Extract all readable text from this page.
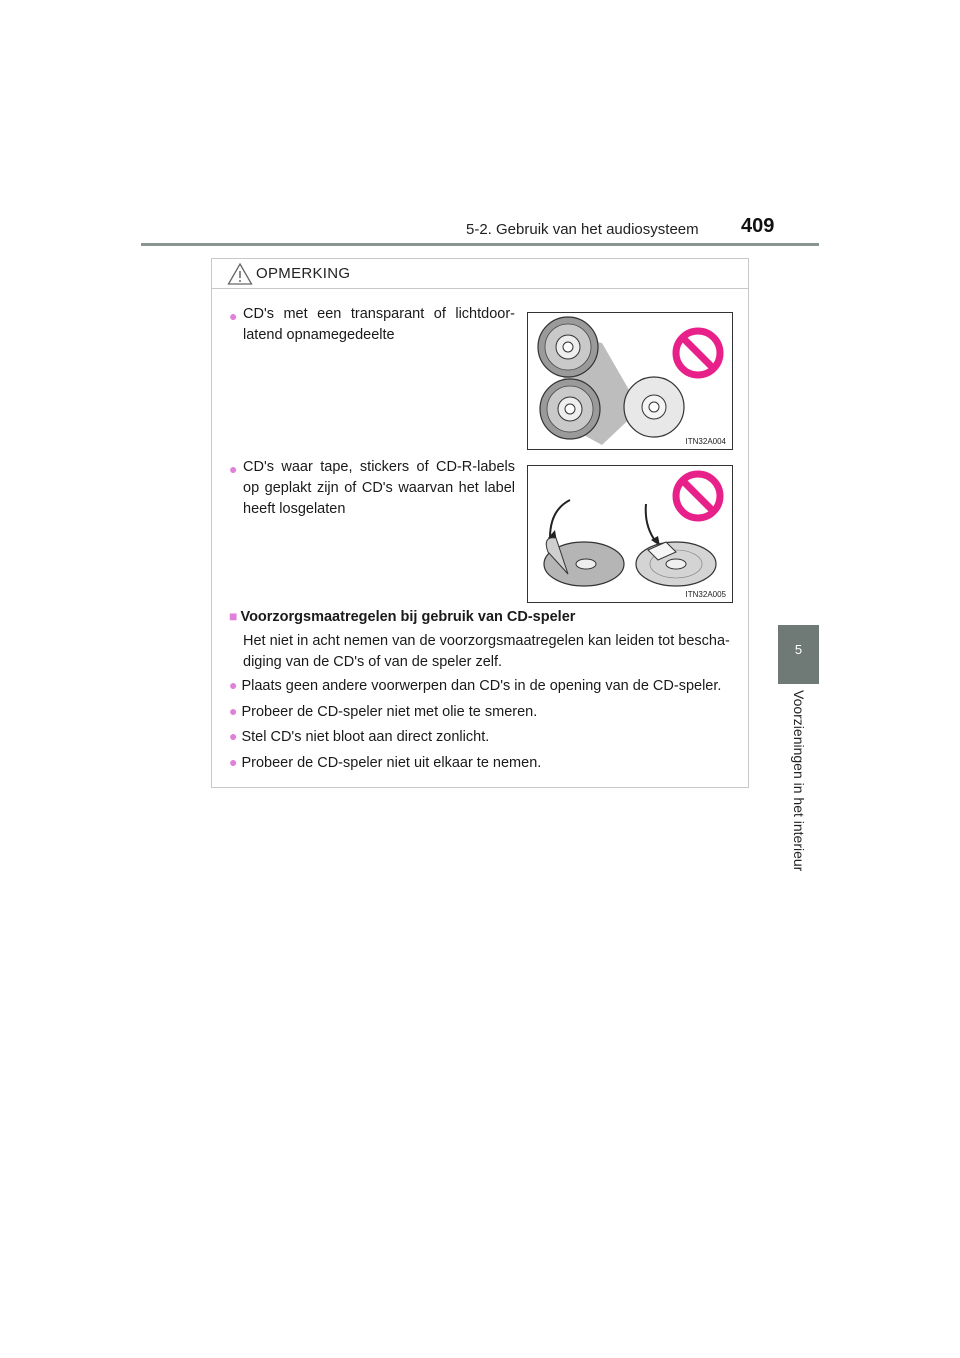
5-2. Gebruik van het audiosysteem 409
5
Voorzieningen in het interieur
OPMERKING
● CD's met een transparant of lichtdoor-latend opnamegedeelte
ITN32A004
● CD's waar tape, stickers of CD-R-labels op geplakt zijn of CD's waarvan het label heeft losgelaten
ITN32A005
■ Voorzorgsmaatregelen bij gebruik van CD-speler
Het niet in acht nemen van de voorzorgsmaatregelen kan leiden tot bescha-diging van de CD's of van de speler zelf.
● Plaats geen andere voorwerpen dan CD's in de opening van de CD-speler.
● Probeer de CD-speler niet met olie te smeren.
● Stel CD's niet bloot aan direct zonlicht.
● Probeer de CD-speler niet uit elkaar te nemen.
